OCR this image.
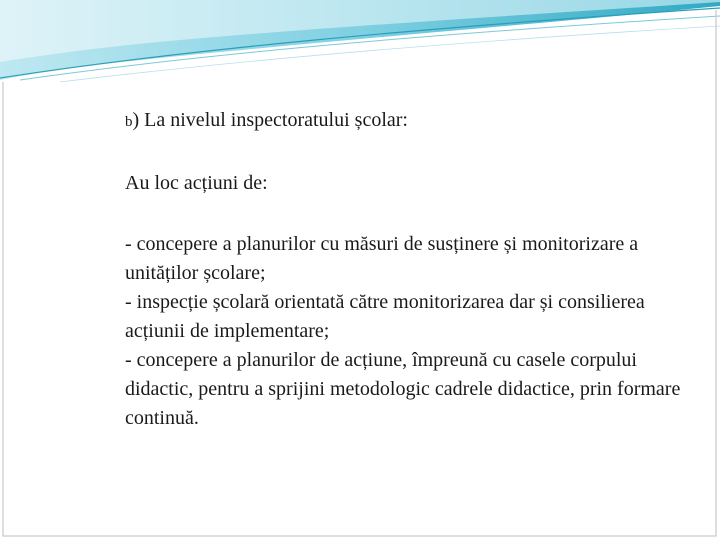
b) La nivelul inspectoratului școlar:

Au loc acțiuni de:

- concepere a planurilor cu măsuri de susținere și monitorizare a unităților școlare;

- inspecție școlară orientată către monitorizarea dar și consilierea acțiunii de implementare;

- concepere a planurilor de acțiune, împreună cu casele corpului didactic, pentru a sprijini metodologic cadrele didactice, prin formare continuă.
